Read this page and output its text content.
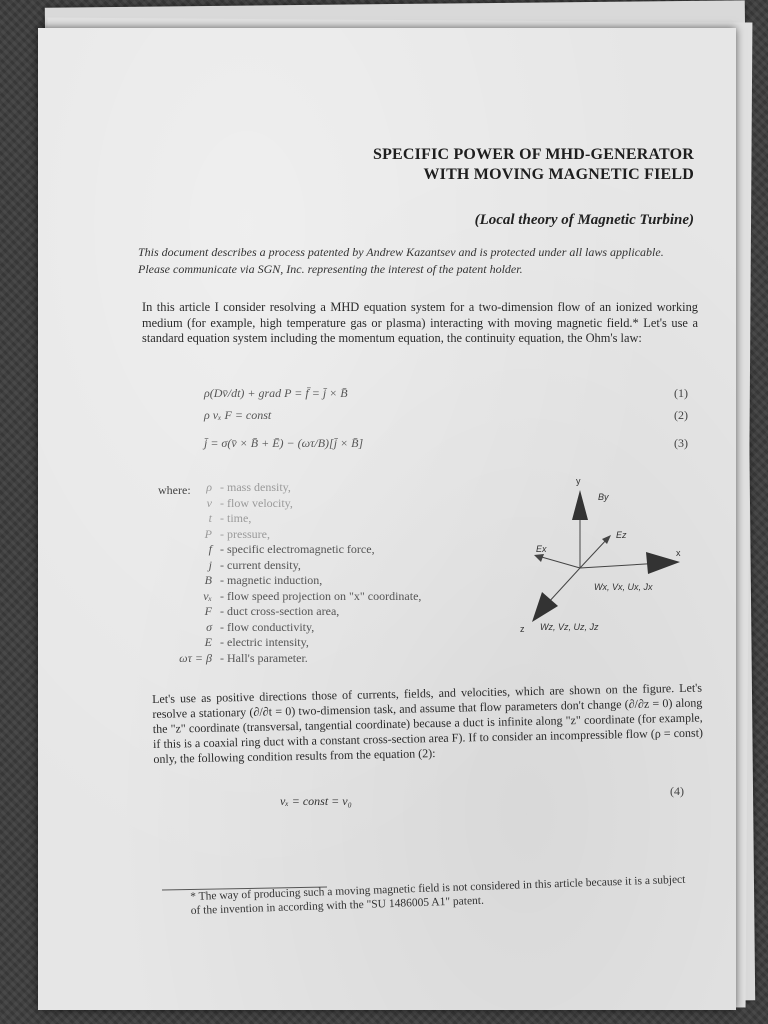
SPECIFIC POWER OF MHD-GENERATOR
WITH MOVING MAGNETIC FIELD
(Local theory of Magnetic Turbine)
This document describes a process patented by Andrew Kazantsev and is protected under all laws applicable. Please communicate via SGN, Inc. representing the interest of the patent holder.
In this article I consider resolving a MHD equation system for a two-dimension flow of an ionized working medium (for example, high temperature gas or plasma) interacting with moving magnetic field.* Let's use a standard equation system including the momentum equation, the continuity equation, the Ohm's law:
ρ(Dv̄/dt) + grad P = f̄ = j̄ × B̄	(1)
ρ vₓ F = const	(2)
j̄ = σ(v̄ × B̄ + Ē) − (ωτ/B)[j̄ × B̄]	(3)
where:	ρ - mass density,
v - flow velocity,
t - time,
P - pressure,
f - specific electromagnetic force,
j - current density,
B - magnetic induction,
vₓ - flow speed projection on "x" coordinate,
F - duct cross-section area,
σ - flow conductivity,
E - electric intensity,
ωτ = β - Hall's parameter.
y
By
Ez
Ex	x
Wx, Vx, Ux, Jx
z Wz, Vz, Uz, Jz
Let's use as positive directions those of currents, fields, and velocities, which are shown on the figure. Let's resolve a stationary (∂/∂t = 0) two-dimension task, and assume that flow parameters don't change (∂/∂z = 0) along the "z" coordinate (transversal, tangential coordinate) because a duct is infinite along "z" coordinate (for example, if this is a coaxial ring duct with a constant cross-section area F). If to consider an incompressible flow (ρ = const) only, the following condition results from the equation (2):
vₓ = const = v₀
(4)
* The way of producing such a moving magnetic field is not considered in this article because it is a subject of the invention in according with the "SU 1486005 A1" patent.
